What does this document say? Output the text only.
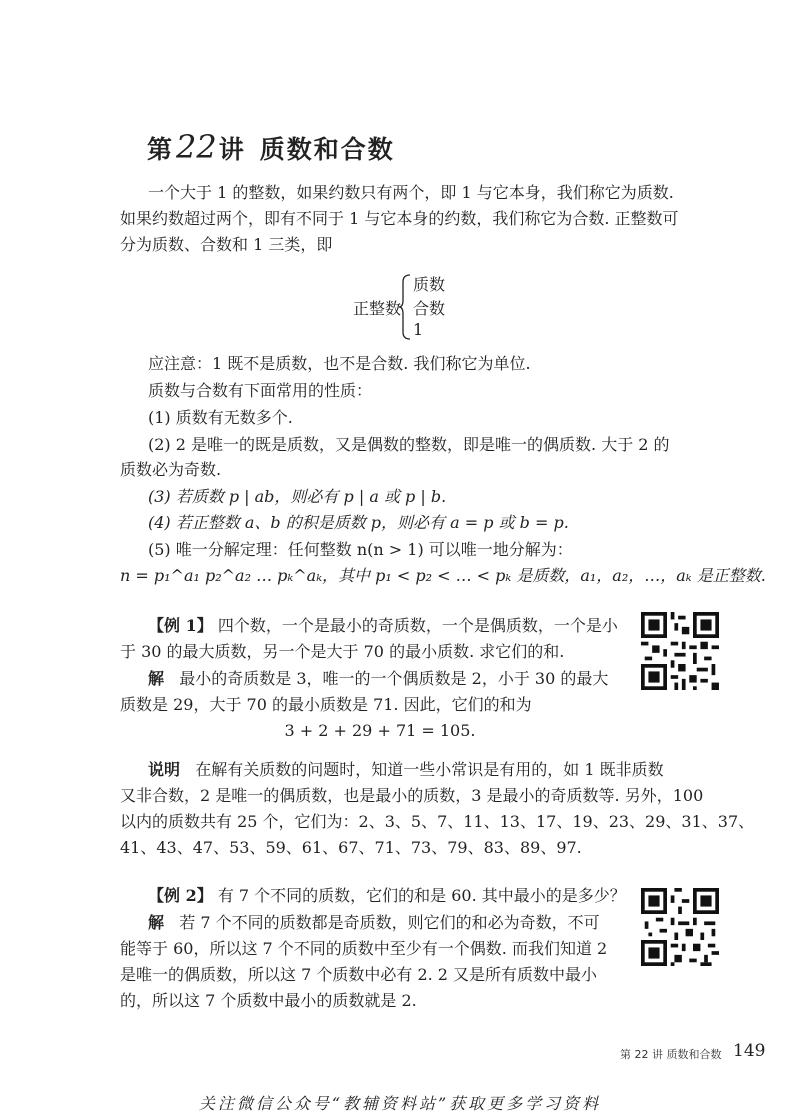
第22讲 质数和合数
一个大于 1 的整数，如果约数只有两个，即 1 与它本身，我们称它为质数.
如果约数超过两个，即有不同于 1 与它本身的约数，我们称它为合数. 正整数可
分为质数、合数和 1 三类，即
正整数
质数
合数
1
应注意：1 既不是质数，也不是合数. 我们称它为单位.
质数与合数有下面常用的性质：
(1) 质数有无数多个.
(2) 2 是唯一的既是质数，又是偶数的整数，即是唯一的偶质数. 大于 2 的
质数必为奇数.
(3) 若质数 p | ab，则必有 p | a 或 p | b.
(4) 若正整数 a、b 的积是质数 p，则必有 a = p 或 b = p.
(5) 唯一分解定理：任何整数 n(n > 1) 可以唯一地分解为：
n = p₁^a₁ p₂^a₂ … pₖ^aₖ，其中 p₁ < p₂ < … < pₖ 是质数，a₁，a₂，…，aₖ 是正整数.
【例 1】 四个数，一个是最小的奇质数，一个是偶质数，一个是小
于 30 的最大质数，另一个是大于 70 的最小质数. 求它们的和.
解 最小的奇质数是 3，唯一的一个偶质数是 2，小于 30 的最大
质数是 29，大于 70 的最小质数是 71. 因此，它们的和为
3 + 2 + 29 + 71 = 105.
说明 在解有关质数的问题时，知道一些小常识是有用的，如 1 既非质数
又非合数，2 是唯一的偶质数，也是最小的质数，3 是最小的奇质数等. 另外，100
以内的质数共有 25 个，它们为：2、3、5、7、11、13、17、19、23、29、31、37、
41、43、47、53、59、61、67、71、73、79、83、89、97.
【例 2】 有 7 个不同的质数，它们的和是 60. 其中最小的是多少？
解 若 7 个不同的质数都是奇质数，则它们的和必为奇数，不可
能等于 60，所以这 7 个不同的质数中至少有一个偶数. 而我们知道 2
是唯一的偶质数，所以这 7 个质数中必有 2. 2 又是所有质数中最小
的，所以这 7 个质数中最小的质数就是 2.
第 22 讲 质数和合数 149
关注微信公众号“教辅资料站”获取更多学习资料
